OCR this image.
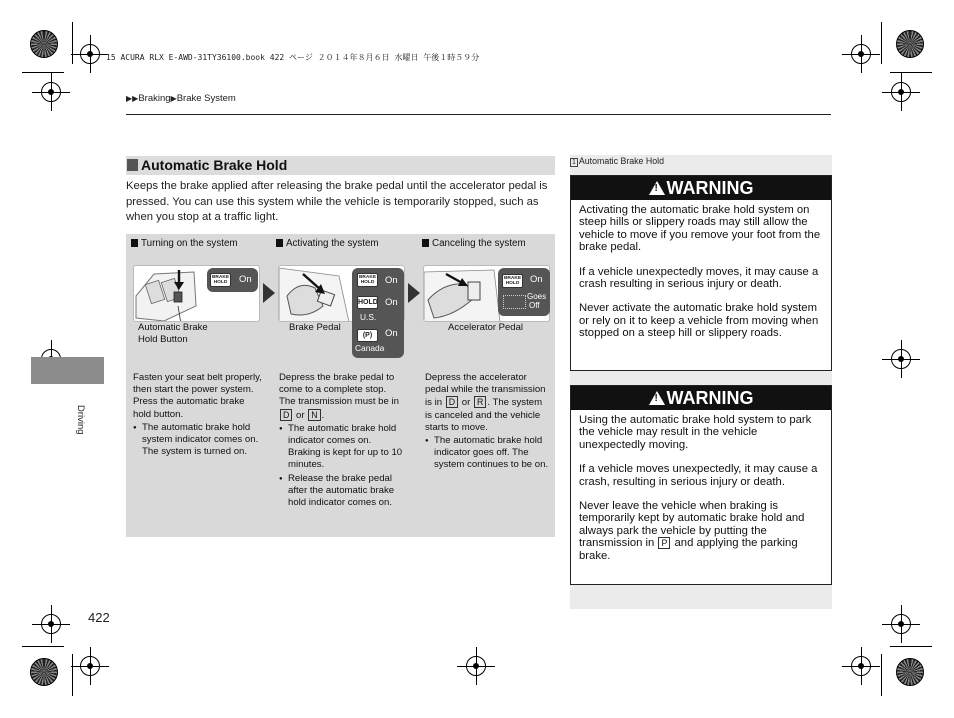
15 ACURA RLX E-AWD-31TY36100.book 422 ページ ２０１４年８月６日 水曜日 午後１時５９分
▶▶Braking▶Brake System
Driving
422
Automatic Brake Hold
Keeps the brake applied after releasing the brake pedal until the accelerator pedal is pressed. You can use this system while the vehicle is temporarily stopped, such as when you stop at a traffic light.
Turning on the system
BRAKE HOLD	On
Automatic Brake
Hold Button
Fasten your seat belt properly, then start the power system. Press the automatic brake hold button.
● The automatic brake hold system indicator comes on. The system is turned on.
Activating the system
BRAKE HOLD	On
HOLD On
U.S.
(P)	On
Canada
Brake Pedal
Depress the brake pedal to come to a complete stop. The transmission must be in D or N .
● The automatic brake hold indicator comes on. Braking is kept for up to 10 minutes.
● Release the brake pedal after the automatic brake hold indicator comes on.
Canceling the system
BRAKE HOLD	On
Goes
Off
Accelerator Pedal
Depress the accelerator pedal while the transmission is in D or R . The system is canceled and the vehicle starts to move.
● The automatic brake hold indicator goes off. The system continues to be on.
1 Automatic Brake Hold
!WARNING

Activating the automatic brake hold system on steep hills or slippery roads may still allow the vehicle to move if you remove your foot from the brake pedal.

If a vehicle unexpectedly moves, it may cause a crash resulting in serious injury or death.

Never activate the automatic brake hold system or rely on it to keep a vehicle from moving when stopped on a steep hill or slippery roads.

!WARNING

Using the automatic brake hold system to park the vehicle may result in the vehicle unexpectedly moving.

If a vehicle moves unexpectedly, it may cause a crash, resulting in serious injury or death.

Never leave the vehicle when braking is temporarily kept by automatic brake hold and always park the vehicle by putting the transmission in P and applying the parking brake.
